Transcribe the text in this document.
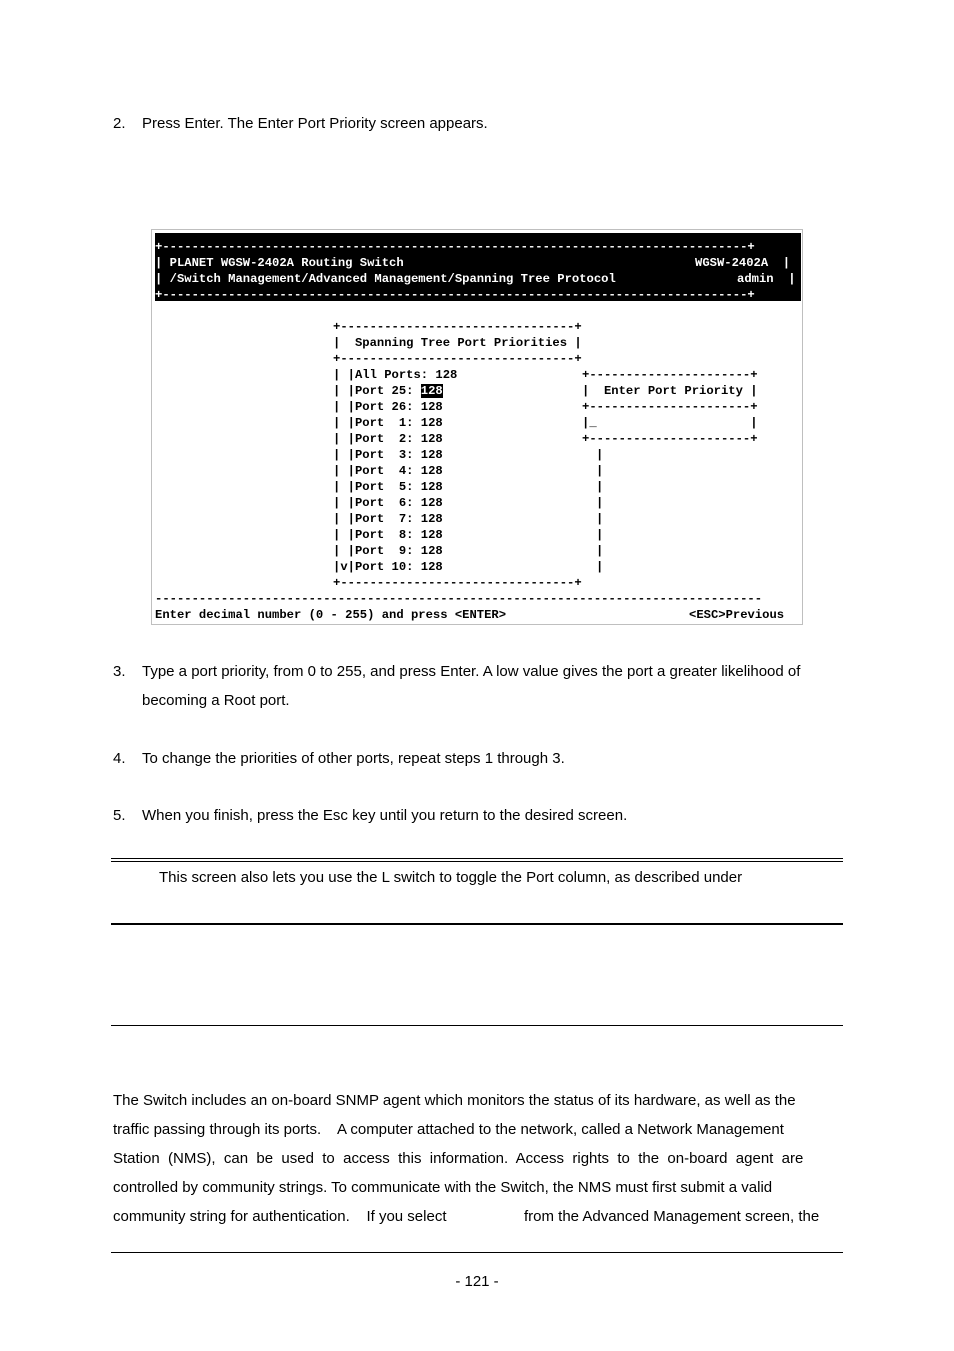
2. Press Enter. The Enter Port Priority screen appears.
+--------------------------------------------------------------------------------+
| PLANET WGSW-2402A Routing Switch	WGSW-2402A  |
| /Switch Management/Advanced Management/Spanning Tree Protocol	admin  |
+--------------------------------------------------------------------------------+
+--------------------------------+
|  Spanning Tree Port Priorities |
+--------------------------------+
| |All Ports: 128
| |Port 25: 128
| |Port 26: 128
| |Port  1: 128
| |Port  2: 128
| |Port  3: 128
| |Port  4: 128
| |Port  5: 128
| |Port  6: 128
| |Port  7: 128
| |Port  8: 128
| |Port  9: 128
|v|Port 10: 128
+--------------------------------+
+----------------------+
|  Enter Port Priority |
+----------------------+
|_                     |
+----------------------+
|
|
|
|
|
|
|
|
-----------------------------------------------------------------------------------
Enter decimal number (0 - 255) and press <ENTER>	<ESC>Previous
3. Type a port priority, from 0 to 255, and press Enter. A low value gives the port a greater likelihood of becoming a Root port.
4. To change the priorities of other ports, repeat steps 1 through 3.
5. When you finish, press the Esc key until you return to the desired screen.
This screen also lets you use the L switch to toggle the Port column, as described under
The Switch includes an on-board SNMP agent which monitors the status of its hardware, as well as the
traffic passing through its ports.    A computer attached to the network, called a Network Management
Station  (NMS),  can  be  used  to  access  this  information.  Access  rights  to  the  on-board  agent  are
controlled by community strings. To communicate with the Switch, the NMS must first submit a valid
community string for authentication.    If you select	from the Advanced Management screen, the
- 121 -
